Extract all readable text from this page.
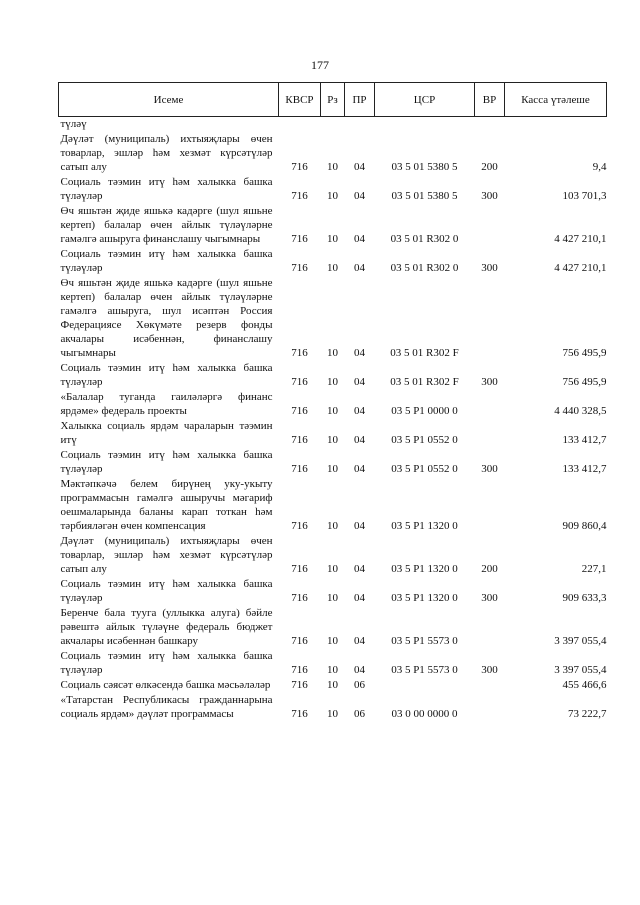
177
Исеме	КВСР	Рз	ПР	ЦСР	ВР	Касса үтәлеше
түләү						
Дәүләт (муниципаль) ихтыяҗлары өчен товарлар, эшләр һәм хезмәт күрсәтүләр сатып алу	716	10	04	03 5 01 5380 5	200	9,4
Социаль тәэмин итү һәм халыкка башка түләүләр	716	10	04	03 5 01 5380 5	300	103 701,3
Өч яшьтән җиде яшькә кадәрге (шул яшьне кертеп) балалар өчен айлык түләүләрне гамәлгә ашыруга финанслашу чыгымнары	716	10	04	03 5 01 R302 0		4 427 210,1
Социаль тәэмин итү һәм халыкка башка түләүләр	716	10	04	03 5 01 R302 0	300	4 427 210,1
Өч яшьтән җиде яшькә кадәрге (шул яшьне кертеп) балалар өчен айлык түләүләрне гамәлгә ашыруга, шул исәптән Россия Федерациясе Хөкүмәте резерв фонды акчалары исәбеннән, финанслашу чыгымнары	716	10	04	03 5 01 R302 F		756 495,9
Социаль тәэмин итү һәм халыкка башка түләүләр	716	10	04	03 5 01 R302 F	300	756 495,9
«Балалар туганда гаиләләргә финанс ярдәме» федераль проекты	716	10	04	03 5 P1 0000 0		4 440 328,5
Халыкка социаль ярдәм чараларын тәэмин итү	716	10	04	03 5 P1 0552 0		133 412,7
Социаль тәэмин итү һәм халыкка башка түләүләр	716	10	04	03 5 P1 0552 0	300	133 412,7
Мәктәпкәчә белем бирүнең уку-укыту программасын гамәлгә ашыручы мәгариф оешмаларында баланы карап тоткан һәм тәрбияләгән өчен компенсация	716	10	04	03 5 P1 1320 0		909 860,4
Дәүләт (муниципаль) ихтыяҗлары өчен товарлар, эшләр һәм хезмәт күрсәтүләр сатып алу	716	10	04	03 5 P1 1320 0	200	227,1
Социаль тәэмин итү һәм халыкка башка түләүләр	716	10	04	03 5 P1 1320 0	300	909 633,3
Беренче бала тууга (уллыкка алуга) бәйле рәвештә айлык түләүне федераль бюджет акчалары исәбеннән башкару	716	10	04	03 5 P1 5573 0		3 397 055,4
Социаль тәэмин итү һәм халыкка башка түләүләр	716	10	04	03 5 P1 5573 0	300	3 397 055,4
Социаль сәясәт өлкәсендә башка мәсьәләләр	716	10	06			455 466,6
«Татарстан Республикасы гражданнарына социаль ярдәм» дәүләт программасы	716	10	06	03 0 00 0000 0		73 222,7
